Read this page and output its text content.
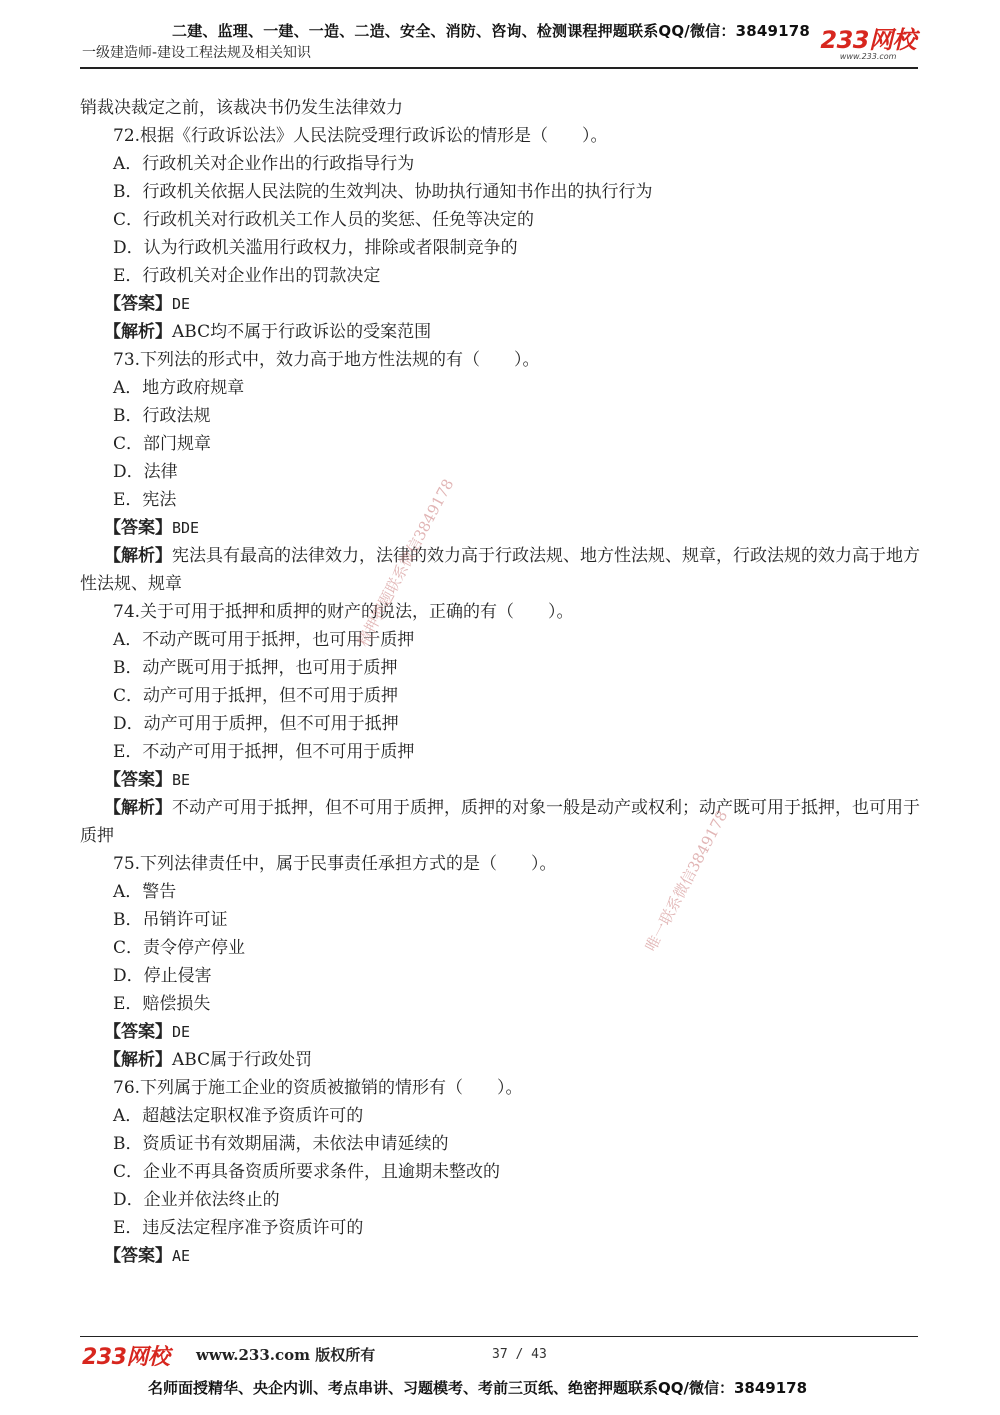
二建、监理、一建、一造、二造、安全、消防、咨询、检测课程押题联系QQ/微信：3849178
一级建造师-建设工程法规及相关知识	233网校
www.233.com
销裁决裁定之前，该裁决书仍发生法律效力
72.根据《行政诉讼法》人民法院受理行政诉讼的情形是（　　）。
A．行政机关对企业作出的行政指导行为
B．行政机关依据人民法院的生效判决、协助执行通知书作出的执行行为
C．行政机关对行政机关工作人员的奖惩、任免等决定的
D．认为行政机关滥用行政权力，排除或者限制竞争的
E．行政机关对企业作出的罚款决定
【答案】DE
【解析】ABC均不属于行政诉讼的受案范围
73.下列法的形式中，效力高于地方性法规的有（　　）。
A．地方政府规章
B．行政法规
C．部门规章
D．法律
E．宪法
【答案】BDE
【解析】宪法具有最高的法律效力，法律的效力高于行政法规、地方性法规、规章，行政法规的效力高于地方性法规、规章
74.关于可用于抵押和质押的财产的说法，正确的有（　　）。
A．不动产既可用于抵押，也可用于质押
B．动产既可用于抵押，也可用于质押
C．动产可用于抵押，但不可用于质押
D．动产可用于质押，但不可用于抵押
E．不动产可用于抵押，但不可用于质押
【答案】BE
【解析】不动产可用于抵押，但不可用于质押，质押的对象一般是动产或权利；动产既可用于抵押，也可用于质押
75.下列法律责任中，属于民事责任承担方式的是（　　）。
A．警告
B．吊销许可证
C．责令停产停业
D．停止侵害
E．赔偿损失
【答案】DE
【解析】ABC属于行政处罚
76.下列属于施工企业的资质被撤销的情形有（　　）。
A．超越法定职权准予资质许可的
B．资质证书有效期届满，未依法申请延续的
C．企业不再具备资质所要求条件，且逾期未整改的
D．企业并依法终止的
E．违反法定程序准予资质许可的
【答案】AE
精押押题联系微信3849178
唯一联系微信3849178
233网校 www.233.com 版权所有	37 / 43
名师面授精华、央企内训、考点串讲、习题模考、考前三页纸、绝密押题联系QQ/微信：3849178
